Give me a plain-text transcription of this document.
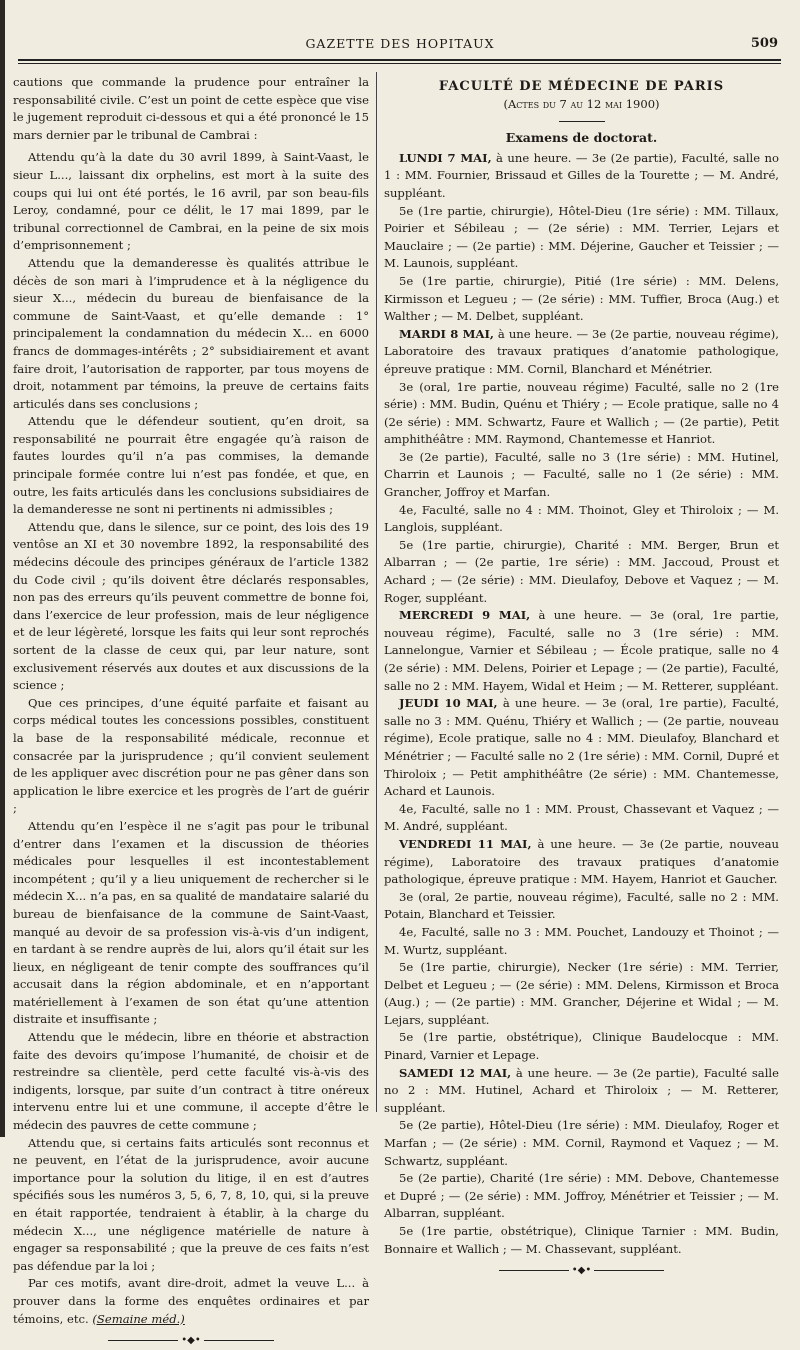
GAZETTE DES HOPITAUX	509

cautions que commande la prudence pour entraîner la responsabilité civile. C’est un point de cette espèce que vise le jugement reproduit ci-dessous et qui a été prononcé le 15 mars dernier par le tribunal de Cambrai :

Attendu qu’à la date du 30 avril 1899, à Saint-Vaast, le sieur L..., laissant dix orphelins, est mort à la suite des coups qui lui ont été portés, le 16 avril, par son beau-fils Leroy, condamné, pour ce délit, le 17 mai 1899, par le tribunal correctionnel de Cambrai, en la peine de six mois d’emprisonnement ;

Attendu que la demanderesse ès qualités attribue le décès de son mari à l’imprudence et à la négligence du sieur X..., médecin du bureau de bienfaisance de la commune de Saint-Vaast, et qu’elle demande : 1° principalement la condamnation du médecin X... en 6000 francs de dommages-intérêts ; 2° subsidiairement et avant faire droit, l’autorisation de rapporter, par tous moyens de droit, notamment par témoins, la preuve de certains faits articulés dans ses conclusions ;

Attendu que le défendeur soutient, qu’en droit, sa responsabilité ne pourrait être engagée qu’à raison de fautes lourdes qu’il n’a pas commises, la demande principale formée contre lui n’est pas fondée, et que, en outre, les faits articulés dans les conclusions subsidiaires de la demanderesse ne sont ni pertinents ni admissibles ;

Attendu que, dans le silence, sur ce point, des lois des 19 ventôse an XI et 30 novembre 1892, la responsabilité des médecins découle des principes généraux de l’article 1382 du Code civil ; qu’ils doivent être déclarés responsables, non pas des erreurs qu’ils peuvent commettre de bonne foi, dans l’exercice de leur profession, mais de leur négligence et de leur légèreté, lorsque les faits qui leur sont reprochés sortent de la classe de ceux qui, par leur nature, sont exclusivement réservés aux doutes et aux discussions de la science ;

Que ces principes, d’une équité parfaite et faisant au corps médical toutes les concessions possibles, constituent la base de la responsabilité médicale, reconnue et consacrée par la jurisprudence ; qu’il convient seulement de les appliquer avec discrétion pour ne pas gêner dans son application le libre exercice et les progrès de l’art de guérir ;

Attendu qu’en l’espèce il ne s’agit pas pour le tribunal d’entrer dans l’examen et la discussion de théories médicales pour lesquelles il est incontestablement incompétent ; qu’il y a lieu uniquement de rechercher si le médecin X... n’a pas, en sa qualité de mandataire salarié du bureau de bienfaisance de la commune de Saint-Vaast, manqué au devoir de sa profession vis-à-vis d’un indigent, en tardant à se rendre auprès de lui, alors qu’il était sur les lieux, en négligeant de tenir compte des souffrances qu’il accusait dans la région abdominale, et en n’apportant matériellement à l’examen de son état qu’une attention distraite et insuffisante ;

Attendu que le médecin, libre en théorie et abstraction faite des devoirs qu’impose l’humanité, de choisir et de restreindre sa clientèle, perd cette faculté vis-à-vis des indigents, lorsque, par suite d’un contract à titre onéreux intervenu entre lui et une commune, il accepte d’être le médecin des pauvres de cette commune ;

Attendu que, si certains faits articulés sont reconnus et ne peuvent, en l’état de la jurisprudence, avoir aucune importance pour la solution du litige, il en est d’autres spécifiés sous les numéros 3, 5, 6, 7, 8, 10, qui, si la preuve en était rapportée, tendraient à établir, à la charge du médecin X..., une négligence matérielle de nature à engager sa responsabilité ; que la preuve de ces faits n’est pas défendue par la loi ;

Par ces motifs, avant dire-droit, admet la veuve L... à prouver dans la forme des enquêtes ordinaires et par témoins, etc. (Semaine méd.)

•◆•
FACULTÉ DE MÉDECINE DE PARIS
(Actes du 7 au 12 mai 1900)
Examens de doctorat.

LUNDI 7 MAI, à une heure. — 3e (2e partie), Faculté, salle no 1 : MM. Fournier, Brissaud et Gilles de la Tourette ; — M. André, suppléant.

5e (1re partie, chirurgie), Hôtel-Dieu (1re série) : MM. Tillaux, Poirier et Sébileau ; — (2e série) : MM. Terrier, Lejars et Mauclaire ; — (2e partie) : MM. Déjerine, Gaucher et Teissier ; — M. Launois, suppléant.

5e (1re partie, chirurgie), Pitié (1re série) : MM. Delens, Kirmisson et Legueu ; — (2e série) : MM. Tuffier, Broca (Aug.) et Walther ; — M. Delbet, suppléant.

MARDI 8 MAI, à une heure. — 3e (2e partie, nouveau régime), Laboratoire des travaux pratiques d’anatomie pathologique, épreuve pratique : MM. Cornil, Blanchard et Ménétrier.

3e (oral, 1re partie, nouveau régime) Faculté, salle no 2 (1re série) : MM. Budin, Quénu et Thiéry ; — Ecole pratique, salle no 4 (2e série) : MM. Schwartz, Faure et Wallich ; — (2e partie), Petit amphithéâtre : MM. Raymond, Chantemesse et Hanriot.

3e (2e partie), Faculté, salle no 3 (1re série) : MM. Hutinel, Charrin et Launois ; — Faculté, salle no 1 (2e série) : MM. Grancher, Joffroy et Marfan.

4e, Faculté, salle no 4 : MM. Thoinot, Gley et Thiroloix ; — M. Langlois, suppléant.

5e (1re partie, chirurgie), Charité : MM. Berger, Brun et Albarran ; — (2e partie, 1re série) : MM. Jaccoud, Proust et Achard ; — (2e série) : MM. Dieulafoy, Debove et Vaquez ; — M. Roger, suppléant.

MERCREDI 9 MAI, à une heure. — 3e (oral, 1re partie, nouveau régime), Faculté, salle no 3 (1re série) : MM. Lannelongue, Varnier et Sébileau ; — École pratique, salle no 4 (2e série) : MM. Delens, Poirier et Lepage ; — (2e partie), Faculté, salle no 2 : MM. Hayem, Widal et Heim ; — M. Retterer, suppléant.

JEUDI 10 MAI, à une heure. — 3e (oral, 1re partie), Faculté, salle no 3 : MM. Quénu, Thiéry et Wallich ; — (2e partie, nouveau régime), Ecole pratique, salle no 4 : MM. Dieulafoy, Blanchard et Ménétrier ; — Faculté salle no 2 (1re série) : MM. Cornil, Dupré et Thiroloix ; — Petit amphithéâtre (2e série) : MM. Chantemesse, Achard et Launois.

4e, Faculté, salle no 1 : MM. Proust, Chassevant et Vaquez ; — M. André, suppléant.

VENDREDI 11 MAI, à une heure. — 3e (2e partie, nouveau régime), Laboratoire des travaux pratiques d’anatomie pathologique, épreuve pratique : MM. Hayem, Hanriot et Gaucher.

3e (oral, 2e partie, nouveau régime), Faculté, salle no 2 : MM. Potain, Blanchard et Teissier.

4e, Faculté, salle no 3 : MM. Pouchet, Landouzy et Thoinot ; — M. Wurtz, suppléant.

5e (1re partie, chirurgie), Necker (1re série) : MM. Terrier, Delbet et Legueu ; — (2e série) : MM. Delens, Kirmisson et Broca (Aug.) ; — (2e partie) : MM. Grancher, Déjerine et Widal ; — M. Lejars, suppléant.

5e (1re partie, obstétrique), Clinique Baudelocque : MM. Pinard, Varnier et Lepage.

SAMEDI 12 MAI, à une heure. — 3e (2e partie), Faculté salle no 2 : MM. Hutinel, Achard et Thiroloix ; — M. Retterer, suppléant.

5e (2e partie), Hôtel-Dieu (1re série) : MM. Dieulafoy, Roger et Marfan ; — (2e série) : MM. Cornil, Raymond et Vaquez ; — M. Schwartz, suppléant.

5e (2e partie), Charité (1re série) : MM. Debove, Chantemesse et Dupré ; — (2e série) : MM. Joffroy, Ménétrier et Teissier ; — M. Albarran, suppléant.

5e (1re partie, obstétrique), Clinique Tarnier : MM. Budin, Bonnaire et Wallich ; — M. Chassevant, suppléant.

•◆•
